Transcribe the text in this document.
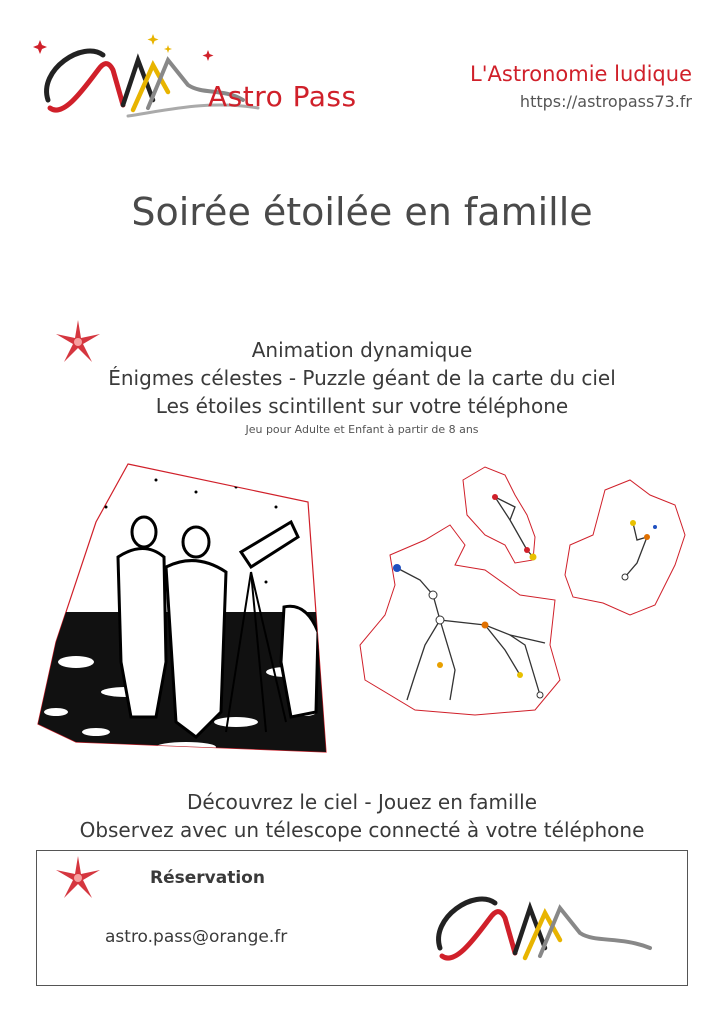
Astro Pass
L'Astronomie ludique
https://astropass73.fr
Soirée étoilée en famille
Animation dynamique
Énigmes célestes - Puzzle géant de la carte du ciel
Les étoiles scintillent sur votre téléphone
Jeu pour Adulte et Enfant à partir de 8 ans
Découvrez le ciel - Jouez en famille
Observez avec un télescope connecté à votre téléphone
Réservation
astro.pass@orange.fr
